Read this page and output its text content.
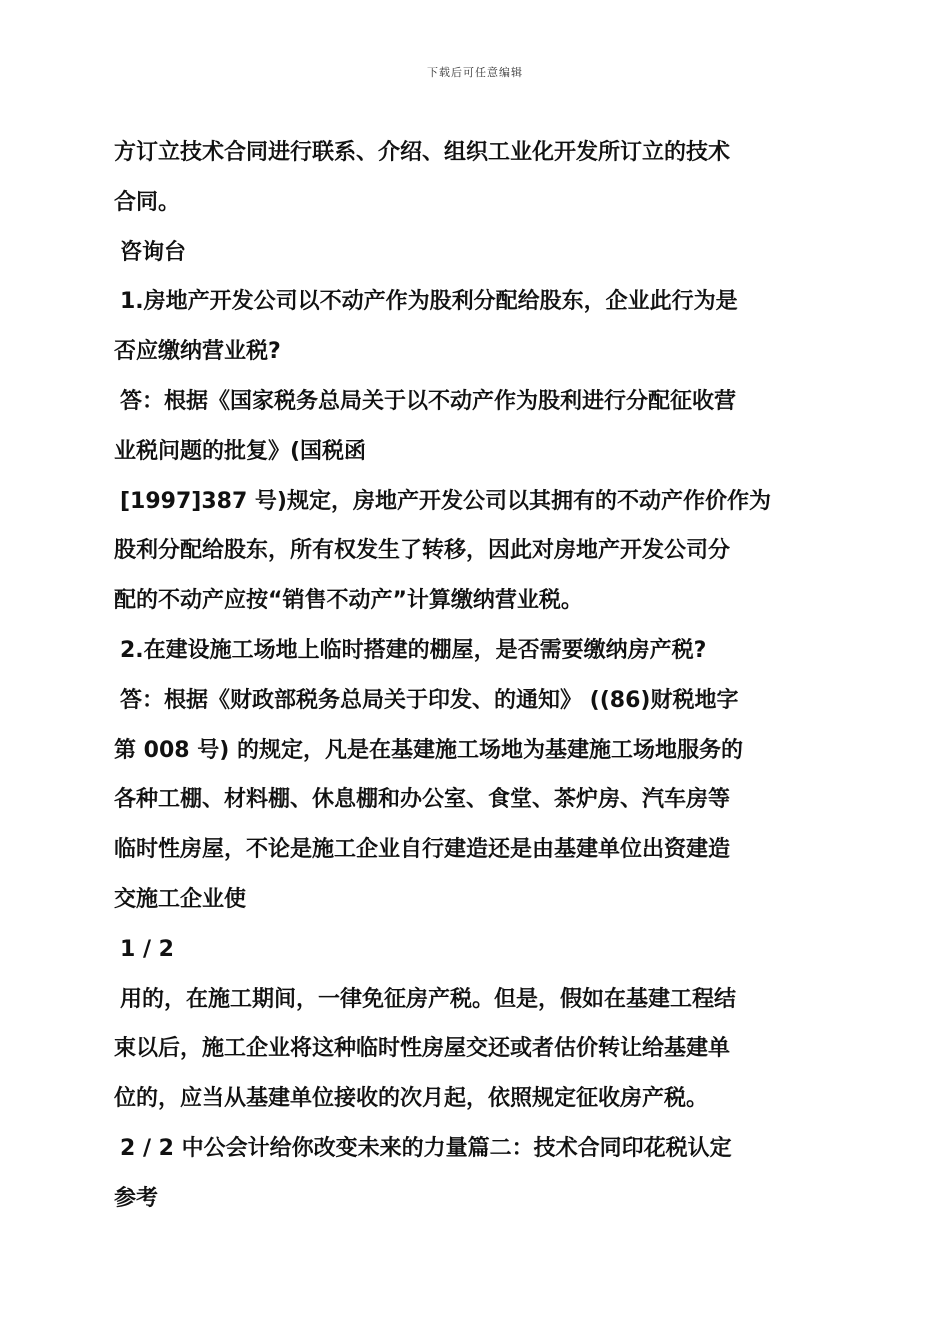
下载后可任意编辑

方订立技术合同进行联系、介绍、组织工业化开发所订立的技术

合同。

咨询台

1.房地产开发公司以不动产作为股利分配给股东，企业此行为是

否应缴纳营业税?

答：根据《国家税务总局关于以不动产作为股利进行分配征收营

业税问题的批复》(国税函

[1997]387 号)规定，房地产开发公司以其拥有的不动产作价作为

股利分配给股东，所有权发生了转移，因此对房地产开发公司分

配的不动产应按“销售不动产”计算缴纳营业税。

2.在建设施工场地上临时搭建的棚屋，是否需要缴纳房产税?

答：根据《财政部税务总局关于印发、的通知》 ((86)财税地字

第 008 号) 的规定，凡是在基建施工场地为基建施工场地服务的

各种工棚、材料棚、休息棚和办公室、食堂、茶炉房、汽车房等

临时性房屋，不论是施工企业自行建造还是由基建单位出资建造

交施工企业使

1 / 2

用的，在施工期间，一律免征房产税。但是，假如在基建工程结

束以后，施工企业将这种临时性房屋交还或者估价转让给基建单

位的，应当从基建单位接收的次月起，依照规定征收房产税。

2 / 2 中公会计给你改变未来的力量篇二：技术合同印花税认定

参考
